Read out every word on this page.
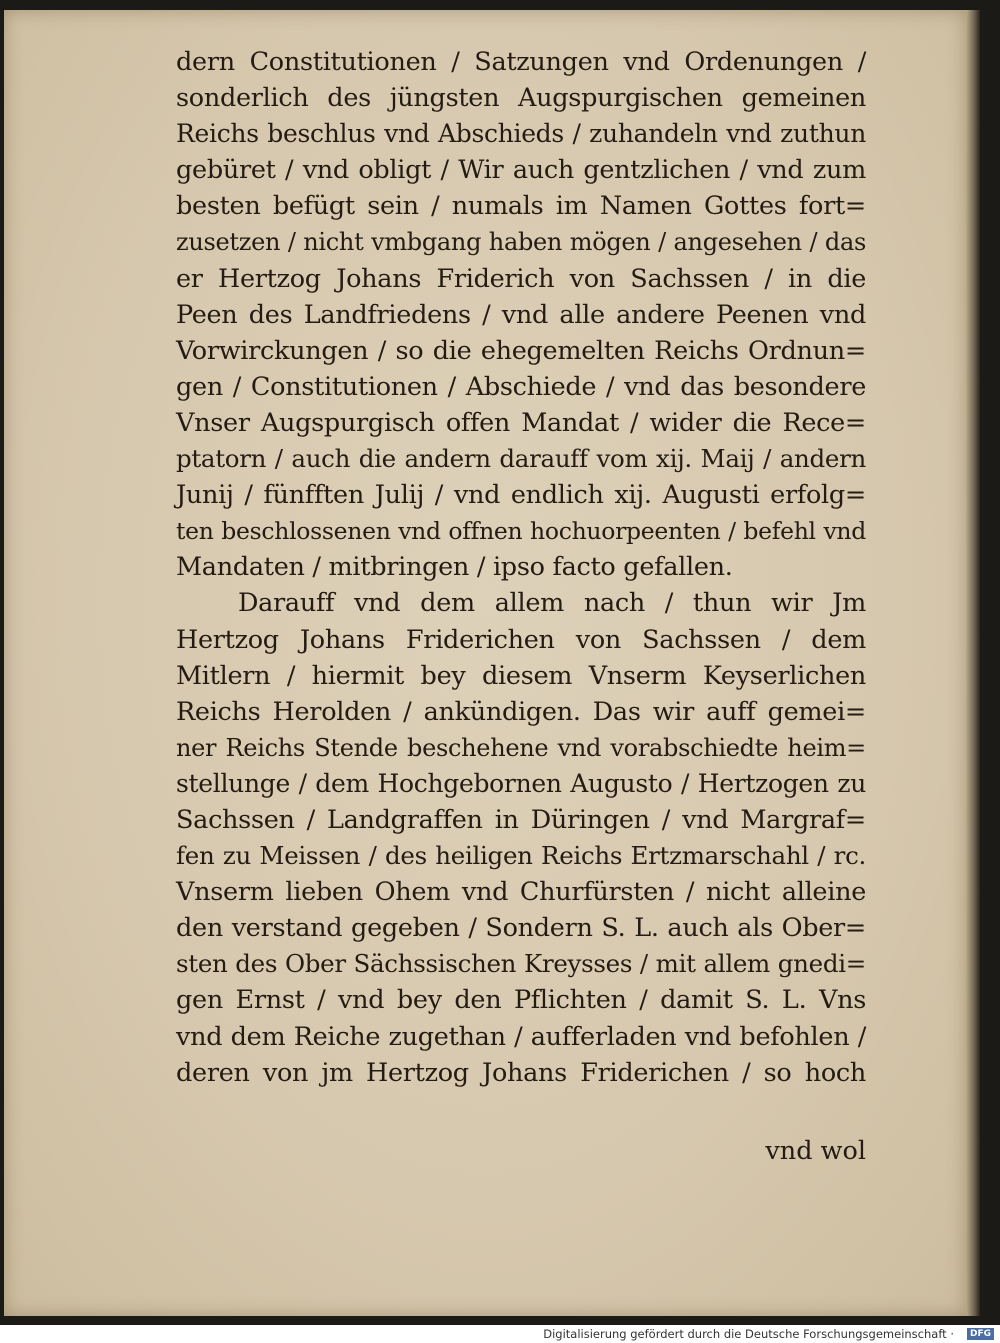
dern Constitutionen / Satzungen vnd Ordenungen /
sonderlich des jüngsten Augspurgischen gemeinen
Reichs beschlus vnd Abschieds / zuhandeln vnd zuthun
gebüret / vnd obligt / Wir auch gentzlichen / vnd zum
besten befügt sein / numals im Namen Gottes fort=
zusetzen / nicht vmbgang haben mögen / angesehen / das
er Hertzog Johans Friderich von Sachssen / in die
Peen des Landfriedens / vnd alle andere Peenen vnd
Vorwirckungen / so die ehegemelten Reichs Ordnun=
gen / Constitutionen / Abschiede / vnd das besondere
Vnser Augspurgisch offen Mandat / wider die Rece=
ptatorn / auch die andern darauff vom xij. Maij / andern
Junij / fünfften Julij / vnd endlich xij. Augusti erfolg=
ten beschlossenen vnd offnen hochuorpeenten / befehl vnd
Mandaten / mitbringen / ipso facto gefallen.
Darauff vnd dem allem nach / thun wir Jm
Hertzog Johans Friderichen von Sachssen / dem
Mitlern / hiermit bey diesem Vnserm Keyserlichen
Reichs Herolden / ankündigen. Das wir auff gemei=
ner Reichs Stende beschehene vnd vorabschiedte heim=
stellunge / dem Hochgebornen Augusto / Hertzogen zu
Sachssen / Landgraffen in Düringen / vnd Margraf=
fen zu Meissen / des heiligen Reichs Ertzmarschahl / rc.
Vnserm lieben Ohem vnd Churfürsten / nicht alleine
den verstand gegeben / Sondern S. L. auch als Ober=
sten des Ober Sächssischen Kreysses / mit allem gnedi=
gen Ernst / vnd bey den Pflichten / damit S. L. Vns
vnd dem Reiche zugethan / aufferladen vnd befohlen /
deren von jm Hertzog Johans Friderichen / so hoch
vnd wol
Digitalisierung gefördert durch die Deutsche Forschungsgemeinschaft ·	DFG
